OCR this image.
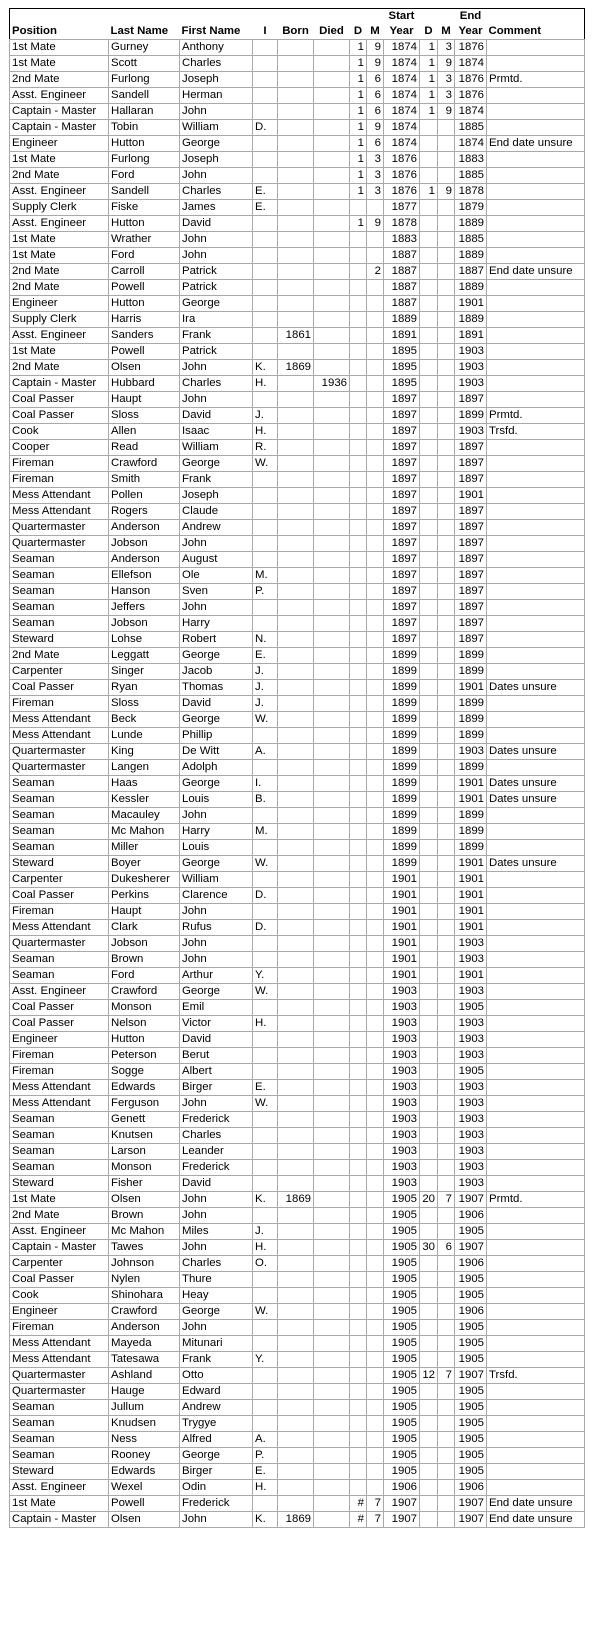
								Start			End	
Position	Last Name	First Name	I	Born	Died	D	M	Year	D	M	Year	Comment
1st Mate	Gurney	Anthony				1	9	1874	1	3	1876	
1st Mate	Scott	Charles				1	9	1874	1	9	1874	
2nd Mate	Furlong	Joseph				1	6	1874	1	3	1876	Prmtd.
Asst. Engineer	Sandell	Herman				1	6	1874	1	3	1876	
Captain - Master	Hallaran	John				1	6	1874	1	9	1874	
Captain - Master	Tobin	William	D.			1	9	1874			1885	
Engineer	Hutton	George				1	6	1874			1874	End date unsure
1st Mate	Furlong	Joseph				1	3	1876			1883	
2nd Mate	Ford	John				1	3	1876			1885	
Asst. Engineer	Sandell	Charles	E.			1	3	1876	1	9	1878	
Supply Clerk	Fiske	James	E.					1877			1879	
Asst. Engineer	Hutton	David				1	9	1878			1889	
1st Mate	Wrather	John						1883			1885	
1st Mate	Ford	John						1887			1889	
2nd Mate	Carroll	Patrick					2	1887			1887	End date unsure
2nd Mate	Powell	Patrick						1887			1889	
Engineer	Hutton	George						1887			1901	
Supply Clerk	Harris	Ira						1889			1889	
Asst. Engineer	Sanders	Frank		1861				1891			1891	
1st Mate	Powell	Patrick						1895			1903	
2nd Mate	Olsen	John	K.	1869				1895			1903	
Captain - Master	Hubbard	Charles	H.		1936			1895			1903	
Coal Passer	Haupt	John						1897			1897	
Coal Passer	Sloss	David	J.					1897			1899	Prmtd.
Cook	Allen	Isaac	H.					1897			1903	Trsfd.
Cooper	Read	William	R.					1897			1897	
Fireman	Crawford	George	W.					1897			1897	
Fireman	Smith	Frank						1897			1897	
Mess Attendant	Pollen	Joseph						1897			1901	
Mess Attendant	Rogers	Claude						1897			1897	
Quartermaster	Anderson	Andrew						1897			1897	
Quartermaster	Jobson	John						1897			1897	
Seaman	Anderson	August						1897			1897	
Seaman	Ellefson	Ole	M.					1897			1897	
Seaman	Hanson	Sven	P.					1897			1897	
Seaman	Jeffers	John						1897			1897	
Seaman	Jobson	Harry						1897			1897	
Steward	Lohse	Robert	N.					1897			1897	
2nd Mate	Leggatt	George	E.					1899			1899	
Carpenter	Singer	Jacob	J.					1899			1899	
Coal Passer	Ryan	Thomas	J.					1899			1901	Dates unsure
Fireman	Sloss	David	J.					1899			1899	
Mess Attendant	Beck	George	W.					1899			1899	
Mess Attendant	Lunde	Phillip						1899			1899	
Quartermaster	King	De Witt	A.					1899			1903	Dates unsure
Quartermaster	Langen	Adolph						1899			1899	
Seaman	Haas	George	I.					1899			1901	Dates unsure
Seaman	Kessler	Louis	B.					1899			1901	Dates unsure
Seaman	Macauley	John						1899			1899	
Seaman	Mc Mahon	Harry	M.					1899			1899	
Seaman	Miller	Louis						1899			1899	
Steward	Boyer	George	W.					1899			1901	Dates unsure
Carpenter	Dukesherer	William						1901			1901	
Coal Passer	Perkins	Clarence	D.					1901			1901	
Fireman	Haupt	John						1901			1901	
Mess Attendant	Clark	Rufus	D.					1901			1901	
Quartermaster	Jobson	John						1901			1903	
Seaman	Brown	John						1901			1903	
Seaman	Ford	Arthur	Y.					1901			1901	
Asst. Engineer	Crawford	George	W.					1903			1903	
Coal Passer	Monson	Emil						1903			1905	
Coal Passer	Nelson	Victor	H.					1903			1903	
Engineer	Hutton	David						1903			1903	
Fireman	Peterson	Berut						1903			1903	
Fireman	Sogge	Albert						1903			1905	
Mess Attendant	Edwards	Birger	E.					1903			1903	
Mess Attendant	Ferguson	John	W.					1903			1903	
Seaman	Genett	Frederick						1903			1903	
Seaman	Knutsen	Charles						1903			1903	
Seaman	Larson	Leander						1903			1903	
Seaman	Monson	Frederick						1903			1903	
Steward	Fisher	David						1903			1903	
1st Mate	Olsen	John	K.	1869				1905	20	7	1907	Prmtd.
2nd Mate	Brown	John						1905			1906	
Asst. Engineer	Mc Mahon	Miles	J.					1905			1905	
Captain - Master	Tawes	John	H.					1905	30	6	1907	
Carpenter	Johnson	Charles	O.					1905			1906	
Coal Passer	Nylen	Thure						1905			1905	
Cook	Shinohara	Heay						1905			1905	
Engineer	Crawford	George	W.					1905			1906	
Fireman	Anderson	John						1905			1905	
Mess Attendant	Mayeda	Mitunari						1905			1905	
Mess Attendant	Tatesawa	Frank	Y.					1905			1905	
Quartermaster	Ashland	Otto						1905	12	7	1907	Trsfd.
Quartermaster	Hauge	Edward						1905			1905	
Seaman	Jullum	Andrew						1905			1905	
Seaman	Knudsen	Trygye						1905			1905	
Seaman	Ness	Alfred	A.					1905			1905	
Seaman	Rooney	George	P.					1905			1905	
Steward	Edwards	Birger	E.					1905			1905	
Asst. Engineer	Wexel	Odin	H.					1906			1906	
1st Mate	Powell	Frederick				#	7	1907			1907	End date unsure
Captain - Master	Olsen	John	K.	1869		#	7	1907			1907	End date unsure
